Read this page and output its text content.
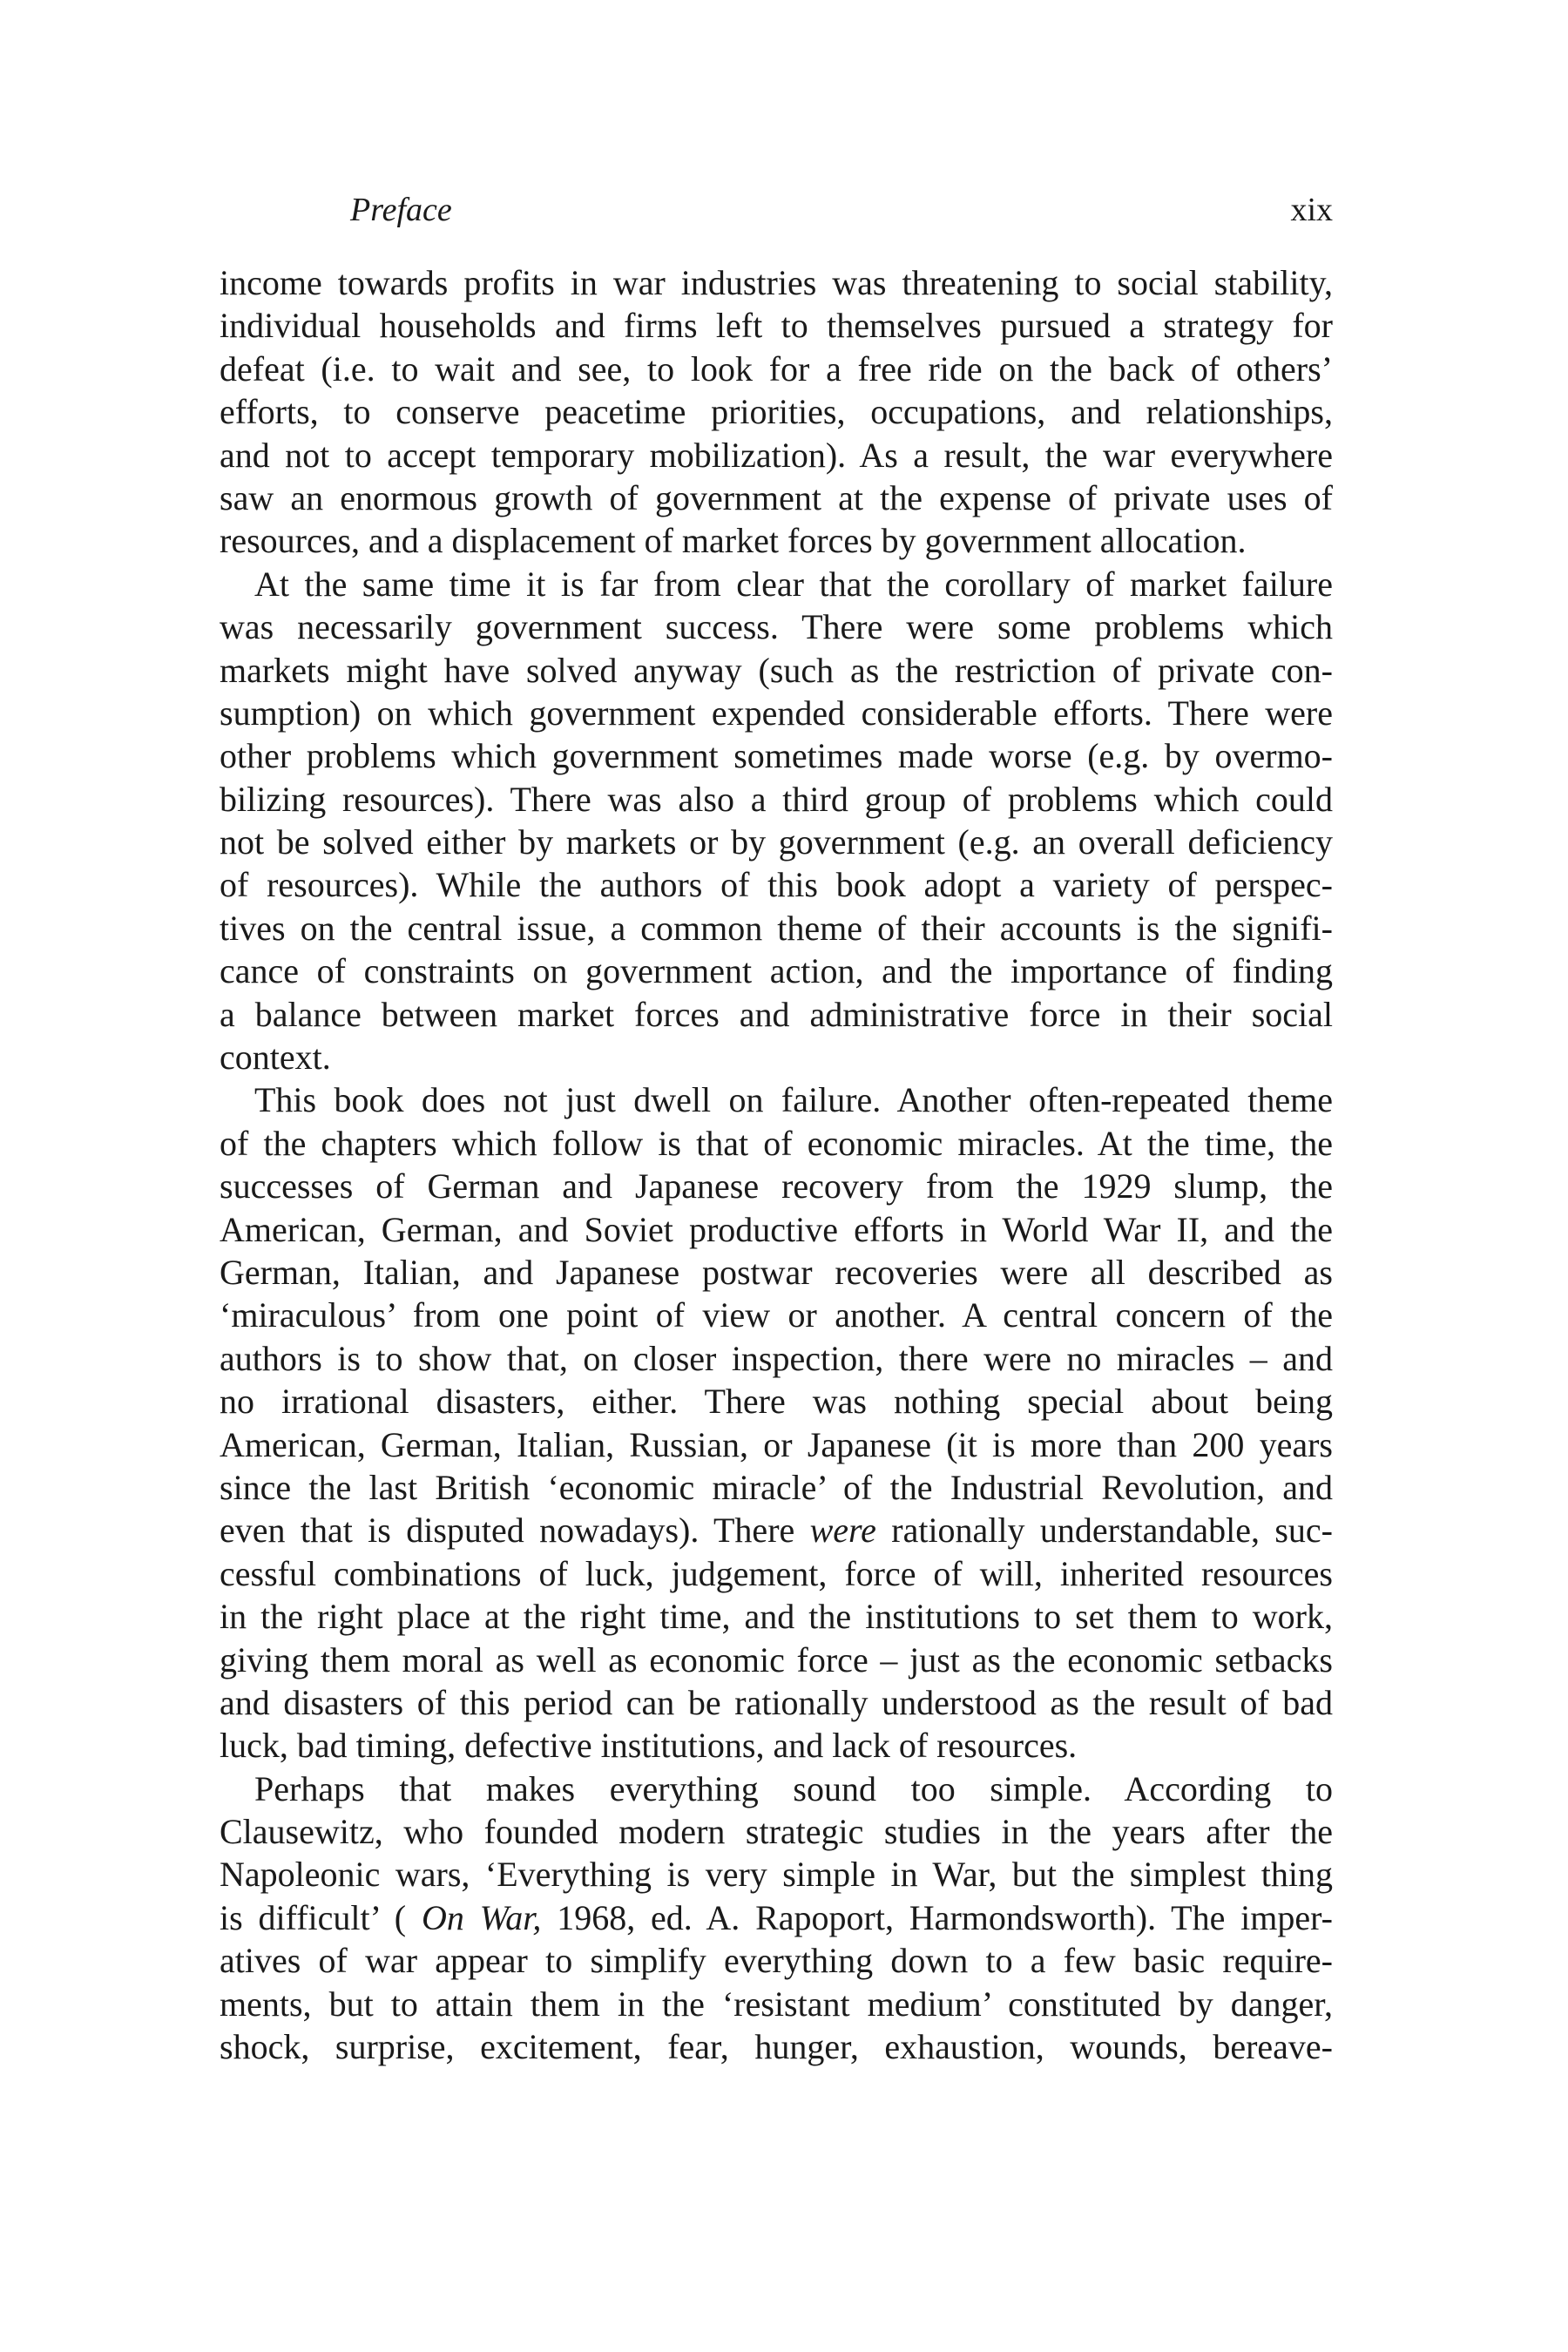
Preface	xix
income towards profits in war industries was threatening to social stability,
individual households and firms left to themselves pursued a strategy for
defeat (i.e. to wait and see, to look for a free ride on the back of others’
efforts, to conserve peacetime priorities, occupations, and relationships,
and not to accept temporary mobilization). As a result, the war everywhere
saw an enormous growth of government at the expense of private uses of
resources, and a displacement of market forces by government allocation.
At the same time it is far from clear that the corollary of market failure
was necessarily government success. There were some problems which
markets might have solved anyway (such as the restriction of private con-
sumption) on which government expended considerable efforts. There were
other problems which government sometimes made worse (e.g. by overmo-
bilizing resources). There was also a third group of problems which could
not be solved either by markets or by government (e.g. an overall deficiency
of resources). While the authors of this book adopt a variety of perspec-
tives on the central issue, a common theme of their accounts is the signifi-
cance of constraints on government action, and the importance of finding
a balance between market forces and administrative force in their social
context.
This book does not just dwell on failure. Another often-repeated theme
of the chapters which follow is that of economic miracles. At the time, the
successes of German and Japanese recovery from the 1929 slump, the
American, German, and Soviet productive efforts in World War II, and the
German, Italian, and Japanese postwar recoveries were all described as
‘miraculous’ from one point of view or another. A central concern of the
authors is to show that, on closer inspection, there were no miracles – and
no irrational disasters, either. There was nothing special about being
American, German, Italian, Russian, or Japanese (it is more than 200 years
since the last British ‘economic miracle’ of the Industrial Revolution, and
even that is disputed nowadays). There were rationally understandable, suc-
cessful combinations of luck, judgement, force of will, inherited resources
in the right place at the right time, and the institutions to set them to work,
giving them moral as well as economic force – just as the economic setbacks
and disasters of this period can be rationally understood as the result of bad
luck, bad timing, defective institutions, and lack of resources.
Perhaps that makes everything sound too simple. According to
Clausewitz, who founded modern strategic studies in the years after the
Napoleonic wars, ‘Everything is very simple in War, but the simplest thing
is difficult’ ( On War, 1968, ed. A. Rapoport, Harmondsworth). The imper-
atives of war appear to simplify everything down to a few basic require-
ments, but to attain them in the ‘resistant medium’ constituted by danger,
shock, surprise, excitement, fear, hunger, exhaustion, wounds, bereave-
